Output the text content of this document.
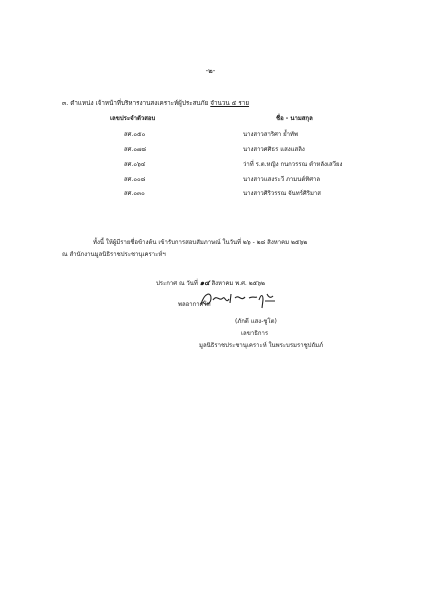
-๒-
๓. ตำแหน่ง เจ้าหน้าที่บริหารงานสงเคราะห์ผู้ประสบภัย จำนวน ๕ ราย
เลขประจำตัวสอบ	ชื่อ - นามสกุล
สศ.๐๕๐	นางสาวสาริศา ย้ำทัพ
สศ.๐๗๘	นางสาวศศิธร แสงแสลิง
สศ.๐๖๔	ว่าที่ ร.ต.หญิง กนกวรรณ ตำหลังเสวียง
สศ.๐๐๘	นางสาวแสงระวี ภามนต์ทิศาล
สศ.๐๓๐	นางสาวศิริวรรณ จันทร์ศิริมาส
ทั้งนี้ ให้ผู้มีรายชื่อข้างต้น เข้ารับการสอบสัมภาษณ์ ในวันที่ ๒๖ - ๒๘ สิงหาคม ๒๕๖๒
ณ สำนักงานมูลนิธิราชประชานุเคราะห์ฯ
ประกาศ ณ วันที่ ๑๔ สิงหาคม พ.ศ. ๒๕๖๒
พลอากาศโท
(ภักดี แสง-ชูโต)
เลขาธิการ
มูลนิธิราชประชานุเคราะห์ ในพระบรมราชูปถัมภ์
